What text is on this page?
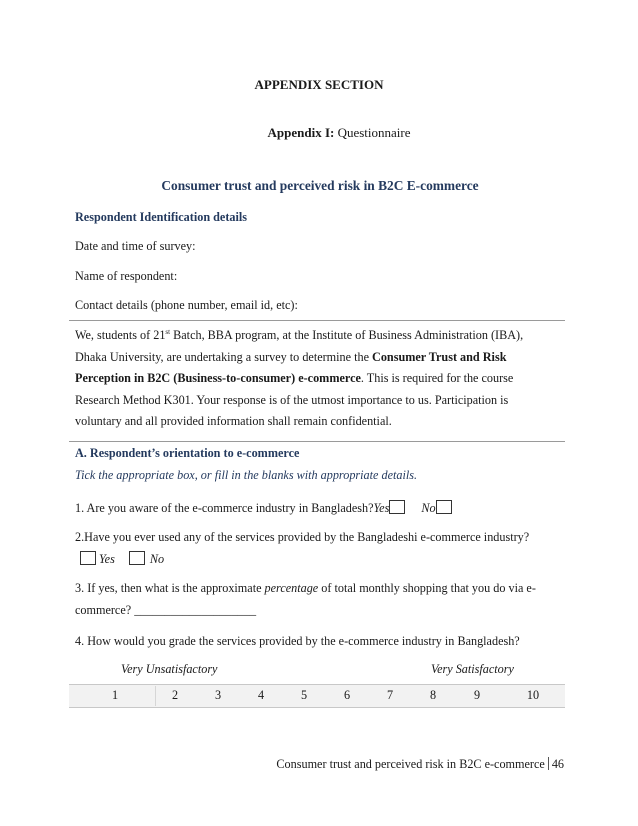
APPENDIX SECTION
Appendix I: Questionnaire
Consumer trust and perceived risk in B2C E-commerce
Respondent Identification details
Date and time of survey:
Name of respondent:
Contact details (phone number, email id, etc):

We, students of 21st Batch, BBA program, at the Institute of Business Administration (IBA),

Dhaka University, are undertaking a survey to determine the Consumer Trust and Risk

Perception in B2C (Business-to-consumer) e-commerce. This is required for the course

Research Method K301. Your response is of the utmost importance to us. Participation is

voluntary and all provided information shall remain confidential.

A. Respondent’s orientation to e-commerce
Tick the appropriate box, or fill in the blanks with appropriate details.
1. Are you aware of the e-commerce industry in Bangladesh?Yes	No
2.Have you ever used any of the services provided by the Bangladeshi e-commerce industry?
Yes	No
3. If yes, then what is the approximate percentage of total monthly shopping that you do via e-
commerce? ____________________
4. How would you grade the services provided by the e-commerce industry in Bangladesh?
Very Unsatisfactory	Very Satisfactory
1	2	3	4	5	6	7	8	9	10
Consumer trust and perceived risk in B2C e-commerce 46
